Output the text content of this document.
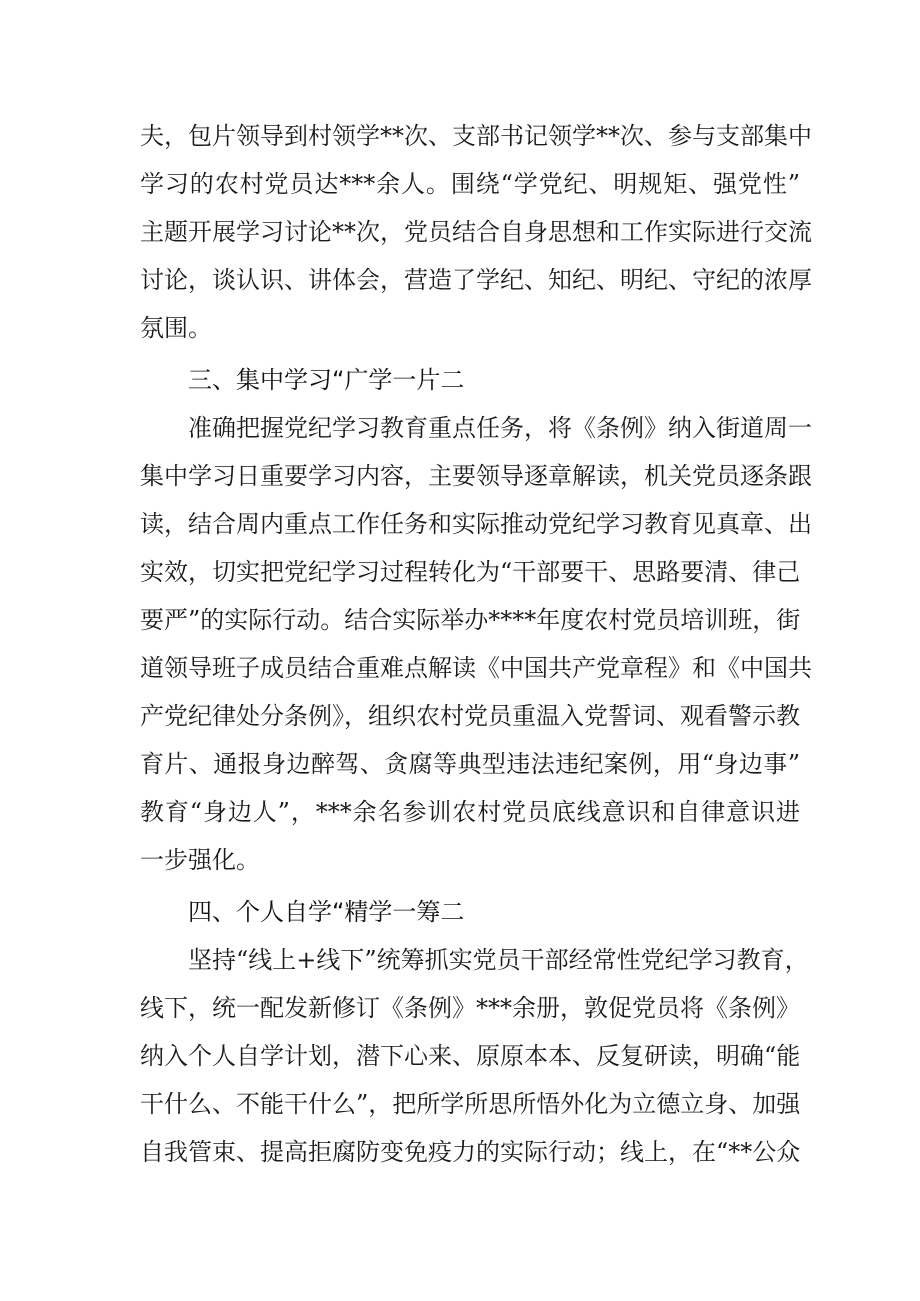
夫，包片领导到村领学**次、支部书记领学**次、参与支部集中
学习的农村党员达***余人。围绕“学党纪、明规矩、强党性”
主题开展学习讨论**次，党员结合自身思想和工作实际进行交流
讨论，谈认识、讲体会，营造了学纪、知纪、明纪、守纪的浓厚
氛围。
三、集中学习“广学一片二
准确把握党纪学习教育重点任务，将《条例》纳入街道周一
集中学习日重要学习内容，主要领导逐章解读，机关党员逐条跟
读，结合周内重点工作任务和实际推动党纪学习教育见真章、出
实效，切实把党纪学习过程转化为“干部要干、思路要清、律己
要严”的实际行动。结合实际举办****年度农村党员培训班，街
道领导班子成员结合重难点解读《中国共产党章程》和《中国共
产党纪律处分条例》，组织农村党员重温入党誓词、观看警示教
育片、通报身边醉驾、贪腐等典型违法违纪案例，用“身边事”
教育“身边人”，***余名参训农村党员底线意识和自律意识进
一步强化。
四、个人自学“精学一筹二
坚持“线上+线下”统筹抓实党员干部经常性党纪学习教育，
线下，统一配发新修订《条例》***余册，敦促党员将《条例》
纳入个人自学计划，潜下心来、原原本本、反复研读，明确“能
干什么、不能干什么”，把所学所思所悟外化为立德立身、加强
自我管束、提高拒腐防变免疫力的实际行动；线上，在“**公众
